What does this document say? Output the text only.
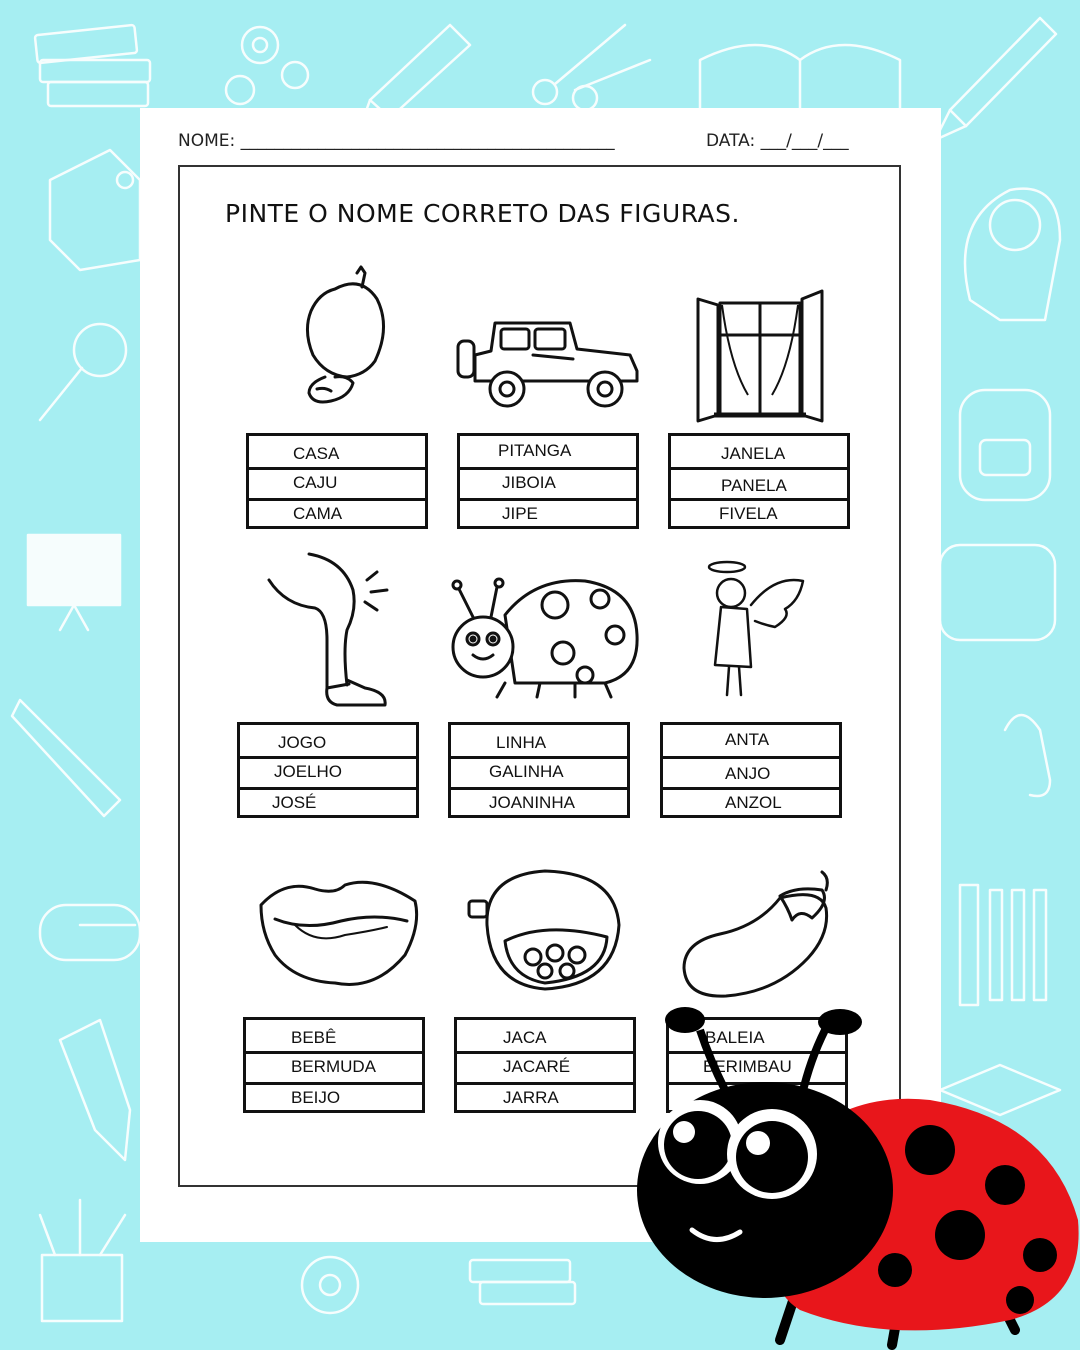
NOME: ____________________________________________	DATA: ___/___/___
PINTE O NOME CORRETO DAS FIGURAS.
CASA
CAJU
CAMA
PITANGA
JIBOIA
JIPE
JANELA
PANELA
FIVELA
JOGO
JOELHO
JOSÉ
LINHA
GALINHA
JOANINHA
ANTA
ANJO
ANZOL
BEBÊ
BERMUDA
BEIJO
JACA
JACARÉ
JARRA
BALEIA
BERIMBAU
